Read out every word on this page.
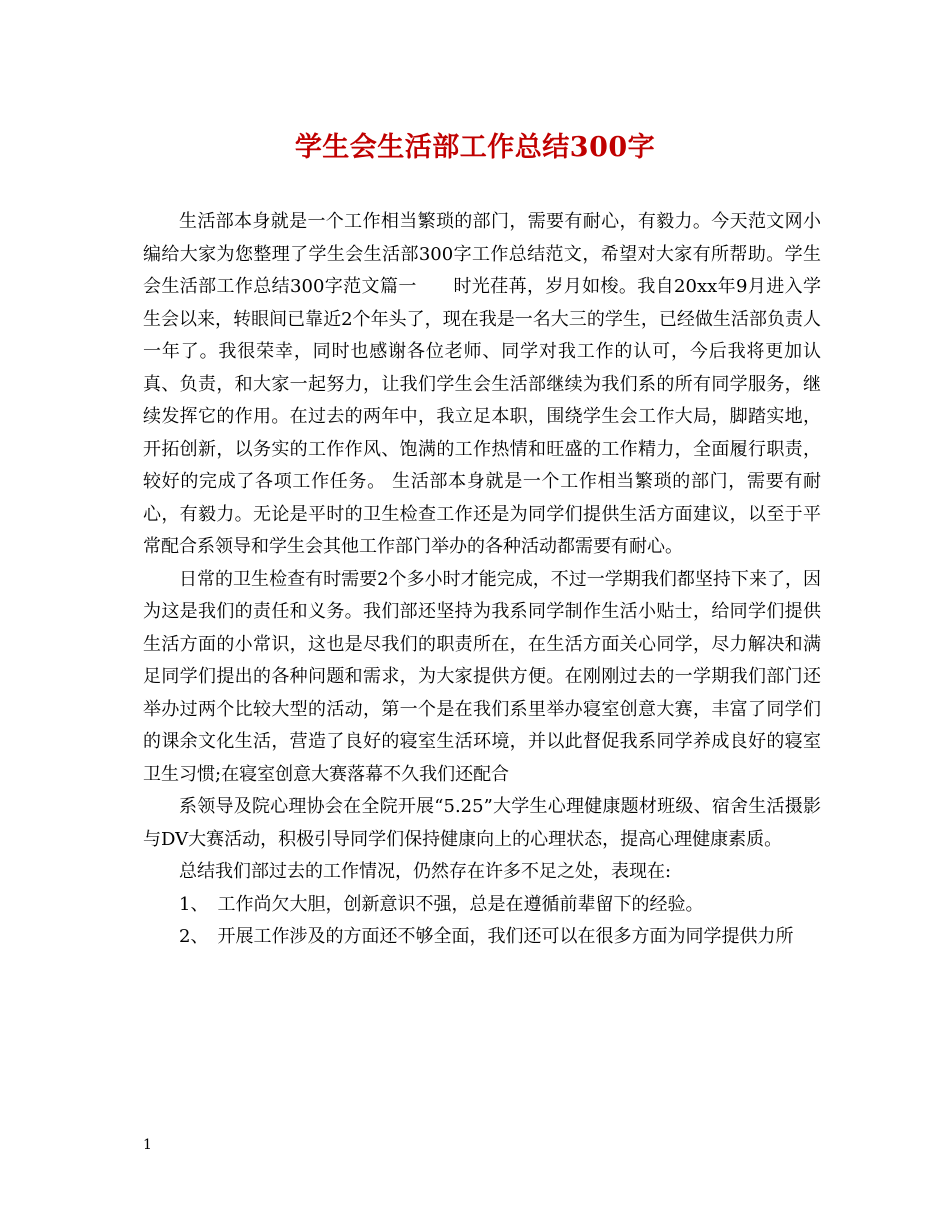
学生会生活部工作总结300字

生活部本身就是一个工作相当繁琐的部门，需要有耐心，有毅力。今天范文网小编给大家为您整理了学生会生活部300字工作总结范文，希望对大家有所帮助。学生会生活部工作总结300字范文篇一　　时光荏苒，岁月如梭。我自20xx年9月进入学生会以来，转眼间已靠近2个年头了，现在我是一名大三的学生，已经做生活部负责人一年了。我很荣幸，同时也感谢各位老师、同学对我工作的认可，今后我将更加认真、负责，和大家一起努力，让我们学生会生活部继续为我们系的所有同学服务，继续发挥它的作用。在过去的两年中，我立足本职，围绕学生会工作大局，脚踏实地，开拓创新，以务实的工作作风、饱满的工作热情和旺盛的工作精力，全面履行职责，较好的完成了各项工作任务。 生活部本身就是一个工作相当繁琐的部门，需要有耐心，有毅力。无论是平时的卫生检查工作还是为同学们提供生活方面建议，以至于平常配合系领导和学生会其他工作部门举办的各种活动都需要有耐心。

日常的卫生检查有时需要2个多小时才能完成，不过一学期我们都坚持下来了，因为这是我们的责任和义务。我们部还坚持为我系同学制作生活小贴士，给同学们提供生活方面的小常识，这也是尽我们的职责所在，在生活方面关心同学，尽力解决和满足同学们提出的各种问题和需求，为大家提供方便。在刚刚过去的一学期我们部门还举办过两个比较大型的活动，第一个是在我们系里举办寝室创意大赛，丰富了同学们的课余文化生活，营造了良好的寝室生活环境，并以此督促我系同学养成良好的寝室卫生习惯;在寝室创意大赛落幕不久我们还配合

系领导及院心理协会在全院开展“5.25”大学生心理健康题材班级、宿舍生活摄影与DV大赛活动，积极引导同学们保持健康向上的心理状态，提高心理健康素质。

总结我们部过去的工作情况，仍然存在许多不足之处，表现在:

1、　工作尚欠大胆，创新意识不强，总是在遵循前辈留下的经验。

2、　开展工作涉及的方面还不够全面，我们还可以在很多方面为同学提供力所

1
